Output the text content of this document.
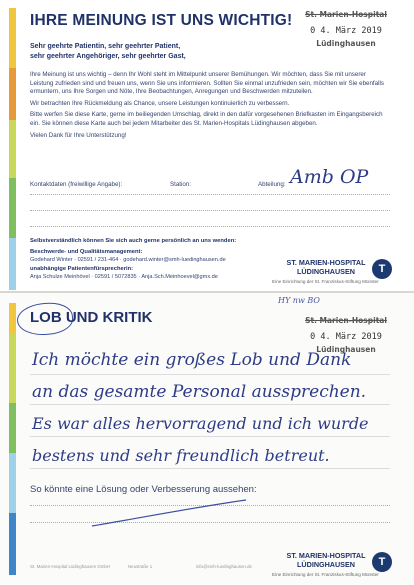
IHRE MEINUNG IST UNS WICHTIG!	St. Marien-Hospital
0 4. März 2019
Lüdinghausen
Sehr geehrte Patientin, sehr geehrter Patient,
sehr geehrter Angehöriger, sehr geehrter Gast,

Ihre Meinung ist uns wichtig – denn Ihr Wohl steht im Mittelpunkt unserer Bemühungen. Wir möchten, dass Sie mit unserer Leistung zufrieden sind und freuen uns, wenn Sie uns informieren. Sollten Sie einmal unzufrieden sein, möchten wir Sie ebenfalls ermuntern, uns Ihre Sorgen und Nöte, Ihre Beobachtungen, Anregungen und Beschwerden mitzuteilen.

Wir betrachten Ihre Rückmeldung als Chance, unsere Leistungen kontinuierlich zu verbessern.

Bitte werfen Sie diese Karte, gerne im beiliegenden Umschlag, direkt in den dafür vorgesehenen Briefkasten im Eingangsbereich ein. Sie können diese Karte auch bei jedem Mitarbeiter des St. Marien-Hospitals Lüdinghausen abgeben.

Vielen Dank für Ihre Unterstützung!

Kontaktdaten (freiwillige Angabe):	Station:	Abteilung: Amb OP
Selbstverständlich können Sie sich auch gerne persönlich an uns wenden:
Beschwerde- und Qualitätsmanagement:
Godehard Winter · 02591 / 231-464 · godehard.winter@smh-luedinghausen.de
unabhängige Patientenfürsprecherin:
Anja Schulze Meinhövel · 02591 / 5072835 · Anja.Sch.Meinhoevel@gmx.de
ST. MARIEN-HOSPITAL
LÜDINGHAUSEN
Eine Einrichtung der St. Franziskus-Stiftung Münster
T
LOB UND KRITIK
HY nw BO
St. Marien-Hospital
0 4. März 2019
Lüdinghausen
Ich möchte ein großes Lob und Dank
an das gesamte Personal aussprechen.
Es war alles hervorragend und ich wurde
bestens und sehr freundlich betreut.
So könnte eine Lösung oder Verbesserung aussehen:
St. Marien-Hospital Lüdinghausen GmbH	Neustraße 1	info@smh-luedinghausen.de
ST. MARIEN-HOSPITAL
LÜDINGHAUSEN
Eine Einrichtung der St. Franziskus-Stiftung Münster
T
